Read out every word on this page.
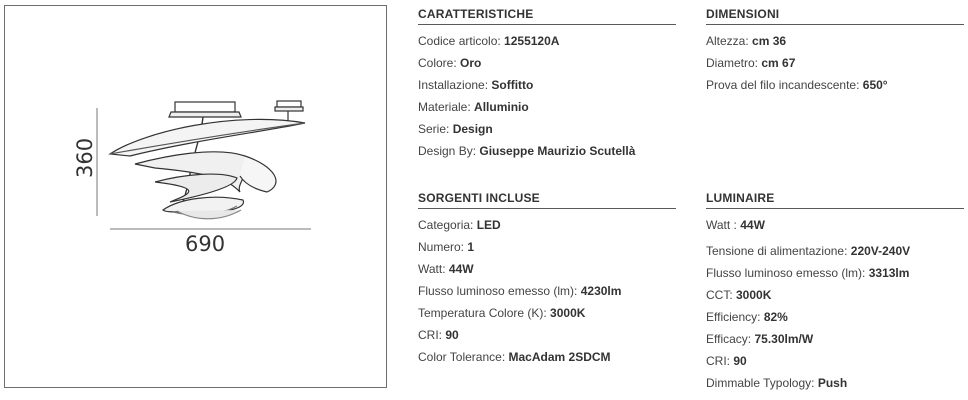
360
690
CARATTERISTICHE
Codice articolo: 1255120A
Colore: Oro
Installazione: Soffitto
Materiale: Alluminio
Serie: Design
Design By: Giuseppe Maurizio Scutellà
DIMENSIONI
Altezza: cm 36
Diametro: cm 67
Prova del filo incandescente: 650°
SORGENTI INCLUSE
Categoria: LED
Numero: 1
Watt: 44W
Flusso luminoso emesso (lm): 4230lm
Temperatura Colore (K): 3000K
CRI: 90
Color Tolerance: MacAdam 2SDCM
LUMINAIRE
Watt : 44W
Tensione di alimentazione: 220V-240V
Flusso luminoso emesso (lm): 3313lm
CCT: 3000K
Efficiency: 82%
Efficacy: 75.30lm/W
CRI: 90
Dimmable Typology: Push
